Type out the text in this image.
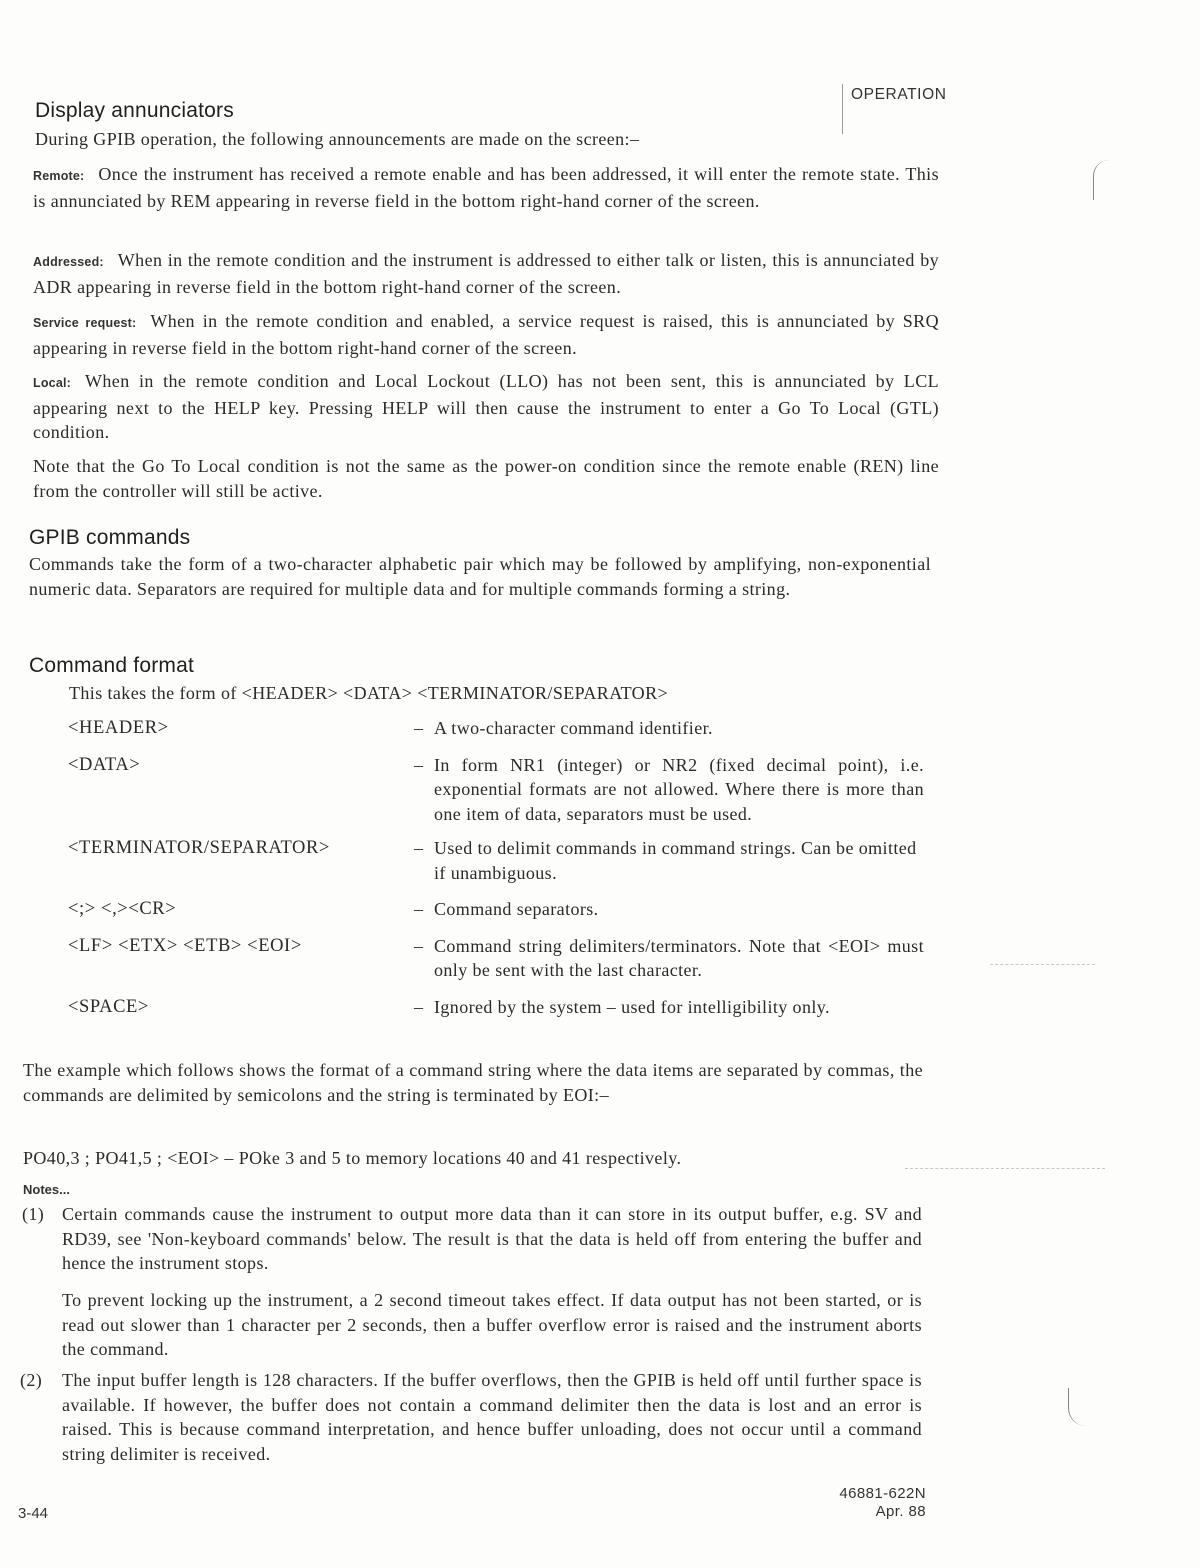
OPERATION
Display annunciators
During GPIB operation, the following announcements are made on the screen:–
Remote: Once the instrument has received a remote enable and has been addressed, it will enter the remote state. This is annunciated by REM appearing in reverse field in the bottom right-hand corner of the screen.
Addressed: When in the remote condition and the instrument is addressed to either talk or listen, this is annunciated by ADR appearing in reverse field in the bottom right-hand corner of the screen.
Service request: When in the remote condition and enabled, a service request is raised, this is annunciated by SRQ appearing in reverse field in the bottom right-hand corner of the screen.
Local: When in the remote condition and Local Lockout (LLO) has not been sent, this is annunciated by LCL appearing next to the HELP key. Pressing HELP will then cause the instrument to enter a Go To Local (GTL) condition.
Note that the Go To Local condition is not the same as the power-on condition since the remote enable (REN) line from the controller will still be active.
GPIB commands
Commands take the form of a two-character alphabetic pair which may be followed by amplifying, non-exponential numeric data. Separators are required for multiple data and for multiple commands forming a string.
Command format
This takes the form of <HEADER> <DATA> <TERMINATOR/SEPARATOR>
<HEADER>	– A two-character command identifier.
<DATA>	– In form NR1 (integer) or NR2 (fixed decimal point), i.e. exponential formats are not allowed. Where there is more than one item of data, separators must be used.
<TERMINATOR/SEPARATOR>	– Used to delimit commands in command strings. Can be omitted if unambiguous.
<;> <,><CR>	– Command separators.
<LF> <ETX> <ETB> <EOI>	– Command string delimiters/terminators. Note that <EOI> must only be sent with the last character.
<SPACE>	– Ignored by the system – used for intelligibility only.
The example which follows shows the format of a command string where the data items are separated by commas, the commands are delimited by semicolons and the string is terminated by EOI:–
PO40,3 ; PO41,5 ; <EOI> – POke 3 and 5 to memory locations 40 and 41 respectively.
Notes...
(1) Certain commands cause the instrument to output more data than it can store in its output buffer, e.g. SV and RD39, see 'Non-keyboard commands' below. The result is that the data is held off from entering the buffer and hence the instrument stops.
To prevent locking up the instrument, a 2 second timeout takes effect. If data output has not been started, or is read out slower than 1 character per 2 seconds, then a buffer overflow error is raised and the instrument aborts the command.
(2) The input buffer length is 128 characters. If the buffer overflows, then the GPIB is held off until further space is available. If however, the buffer does not contain a command delimiter then the data is lost and an error is raised. This is because command interpretation, and hence buffer unloading, does not occur until a command string delimiter is received.
3-44
46881-622N
Apr. 88
